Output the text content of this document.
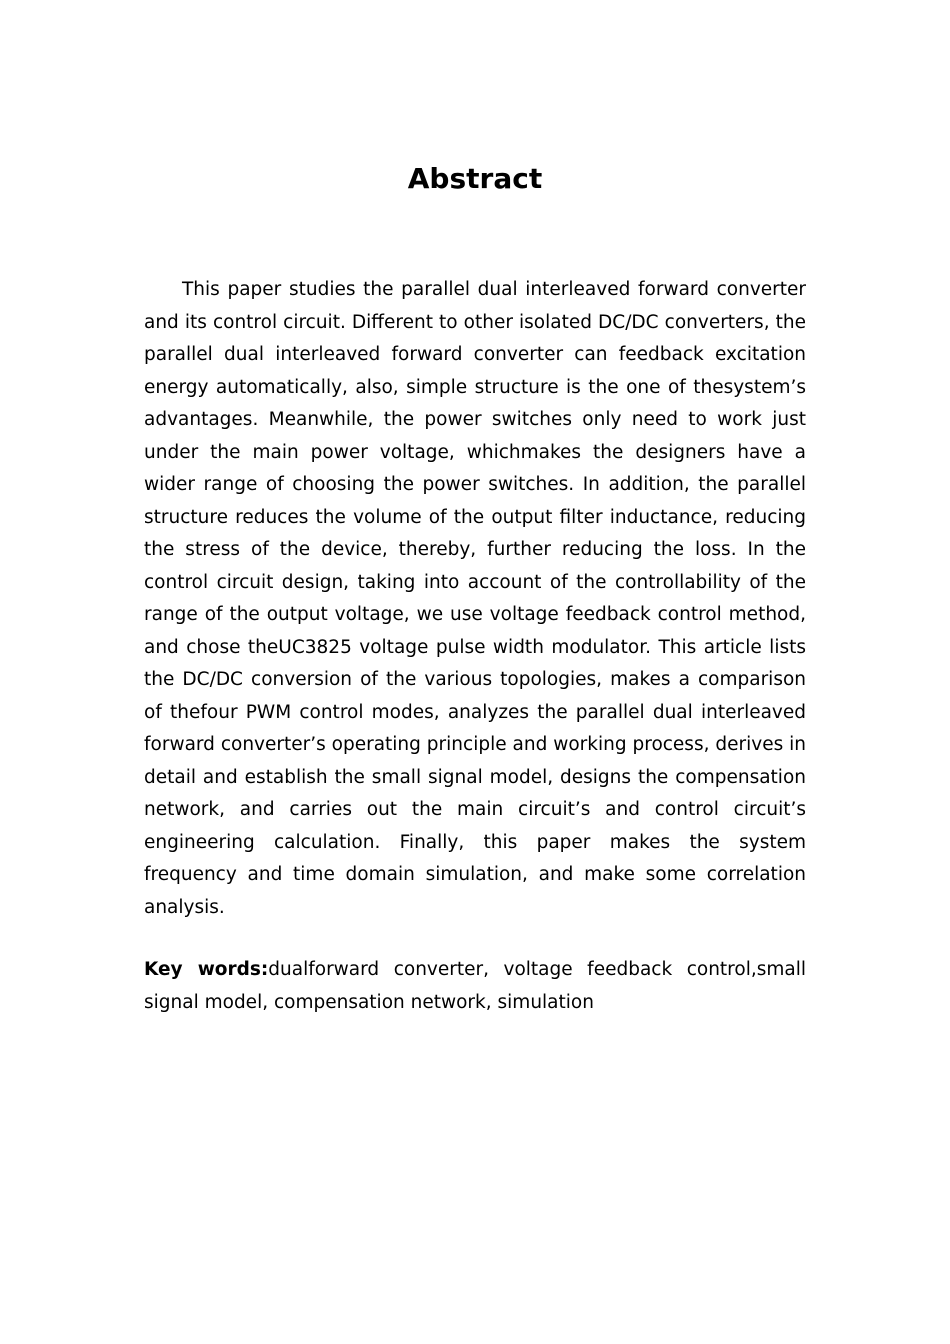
Abstract

This paper studies the parallel dual interleaved forward converter and its control circuit. Different to other isolated DC/DC converters, the parallel dual interleaved forward converter can feedback excitation energy automatically, also, simple structure is the one of thesystem’s advantages. Meanwhile, the power switches only need to work just under the main power voltage, whichmakes the designers have a wider range of choosing the power switches. In addition, the parallel structure reduces the volume of the output filter inductance, reducing the stress of the device, thereby, further reducing the loss. In the control circuit design, taking into account of the controllability of the range of the output voltage, we use voltage feedback control method, and chose theUC3825 voltage pulse width modulator. This article lists the DC/DC conversion of the various topologies, makes a comparison of thefour PWM control modes, analyzes the parallel dual interleaved forward converter’s operating principle and working process, derives in detail and establish the small signal model, designs the compensation network, and carries out the main circuit’s and control circuit’s engineering calculation. Finally, this paper makes the system frequency and time domain simulation, and make some correlation analysis.

Key words:dualforward converter, voltage feedback control,small signal model, compensation network, simulation
